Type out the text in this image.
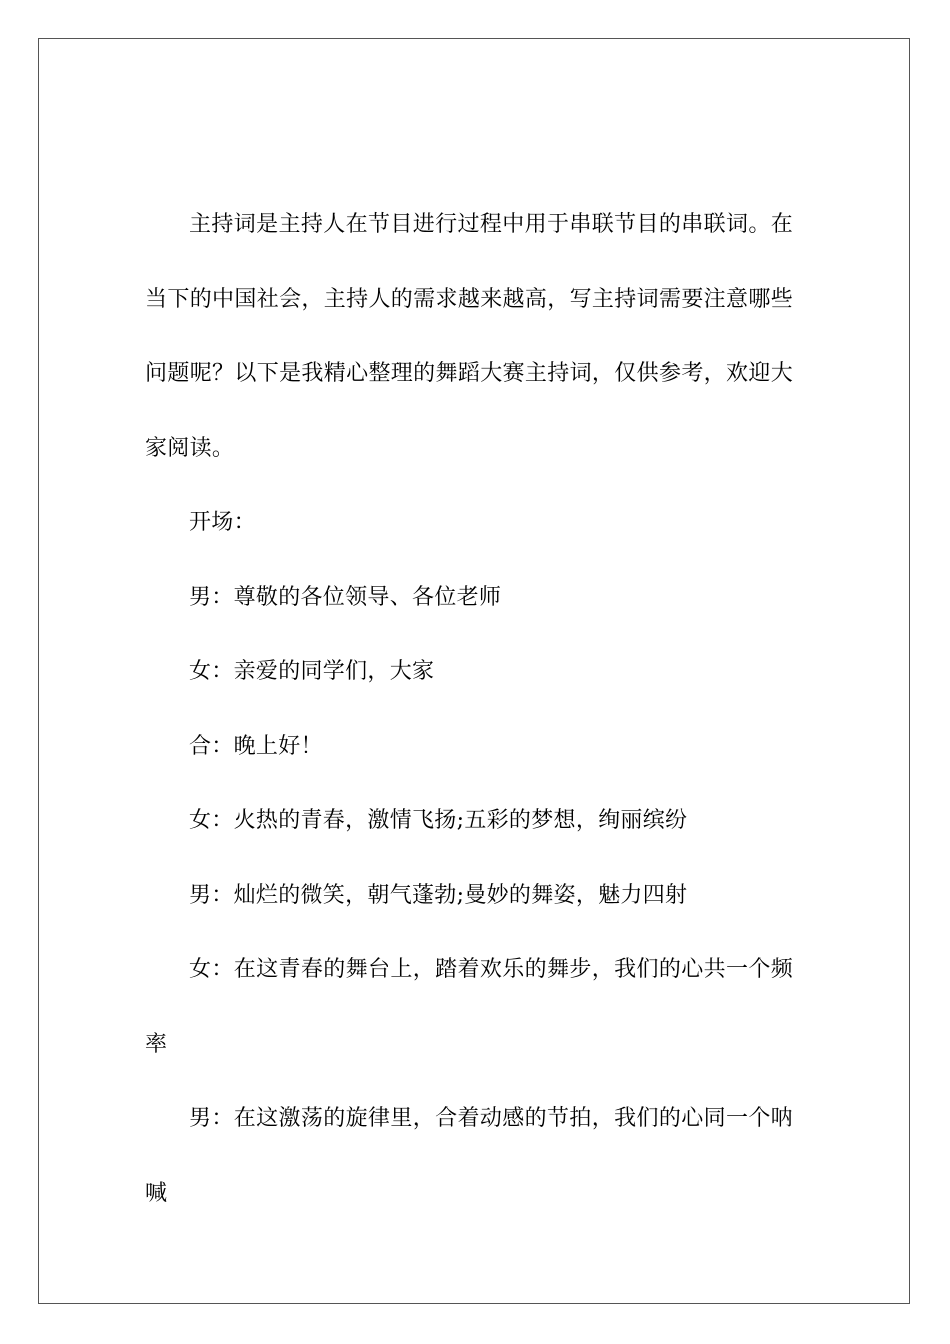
主持词是主持人在节目进行过程中用于串联节目的串联词。在当下的中国社会，主持人的需求越来越高，写主持词需要注意哪些问题呢？以下是我精心整理的舞蹈大赛主持词，仅供参考，欢迎大家阅读。

开场：

男：尊敬的各位领导、各位老师

女：亲爱的同学们，大家

合：晚上好！

女：火热的青春，激情飞扬;五彩的梦想，绚丽缤纷

男：灿烂的微笑，朝气蓬勃;曼妙的舞姿，魅力四射

女：在这青春的舞台上，踏着欢乐的舞步，我们的心共一个频率

男：在这激荡的旋律里，合着动感的节拍，我们的心同一个呐喊
